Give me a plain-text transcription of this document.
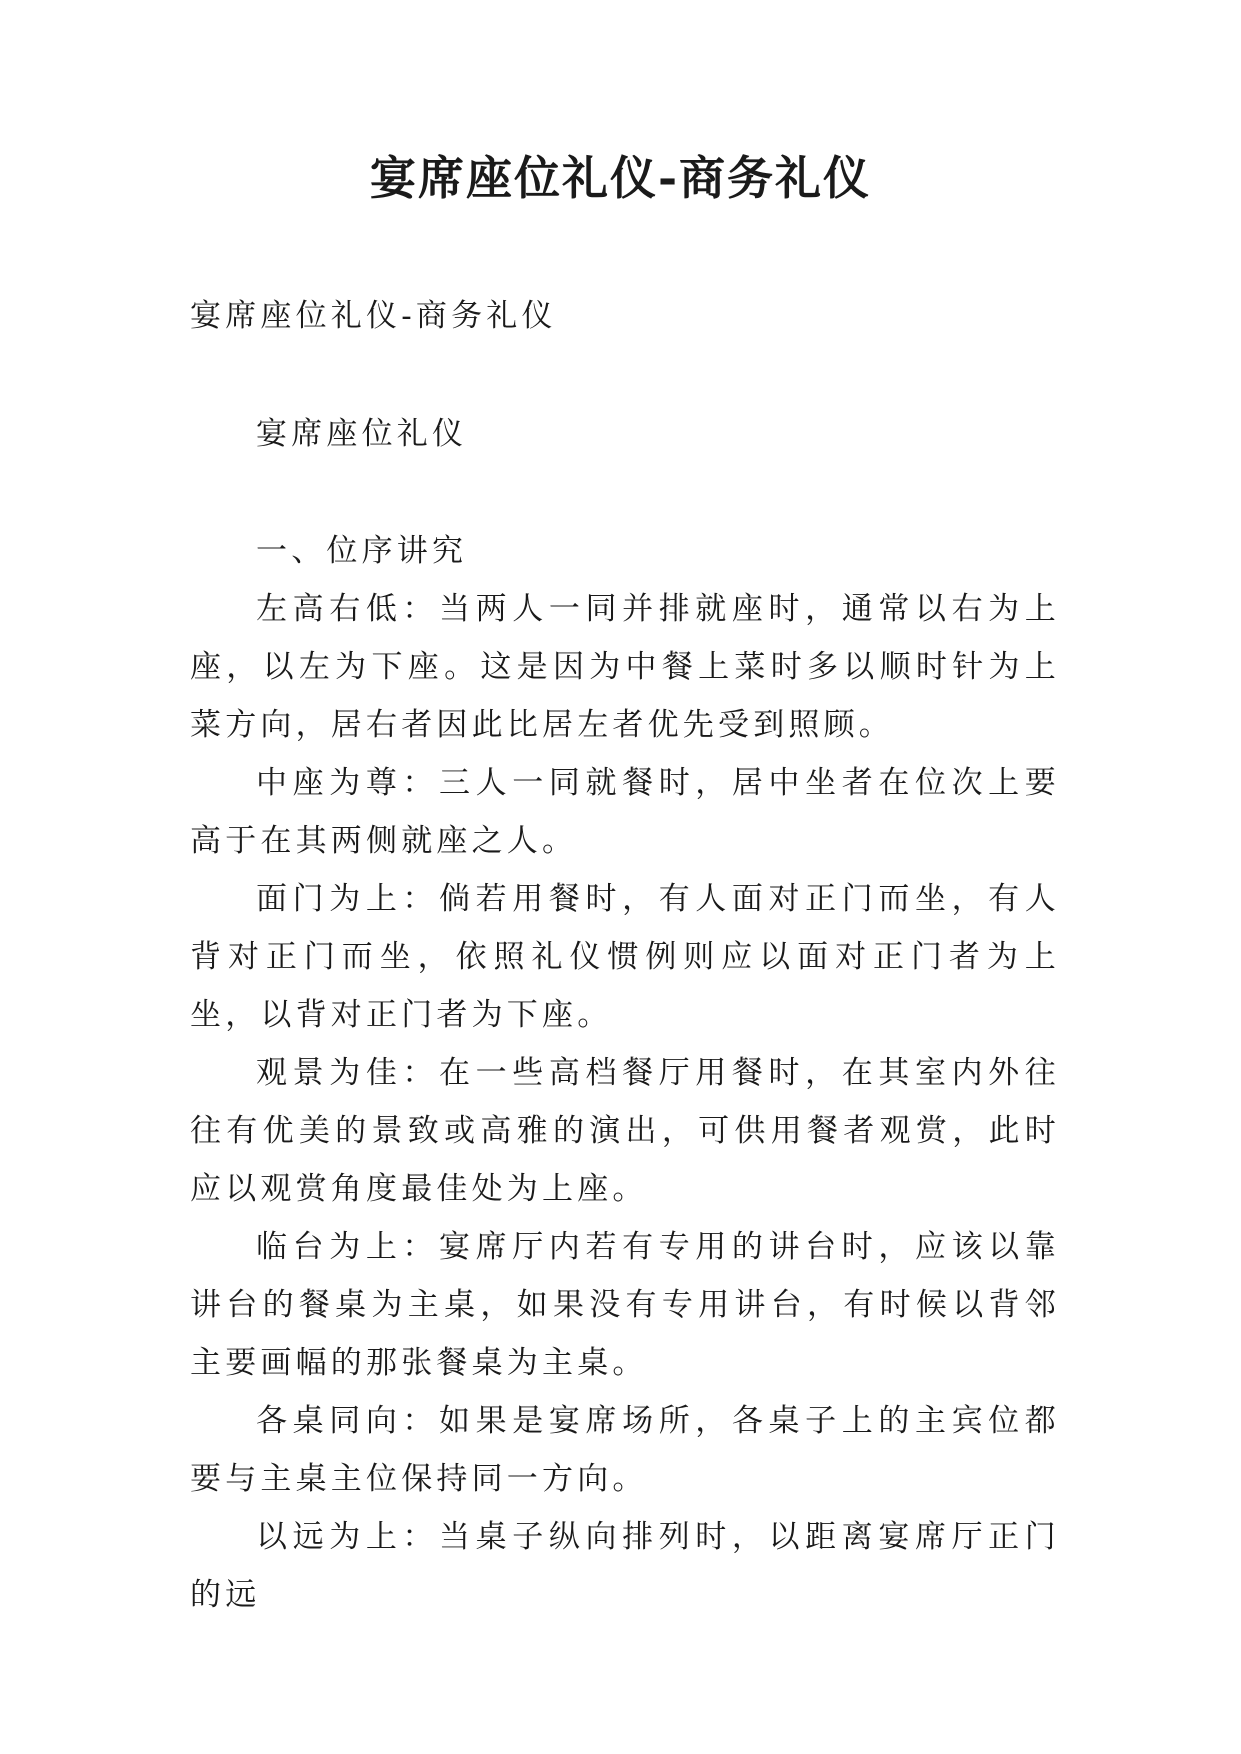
宴席座位礼仪-商务礼仪

宴席座位礼仪-商务礼仪

宴席座位礼仪

一、位序讲究

左高右低：当两人一同并排就座时，通常以右为上座，以左为下座。这是因为中餐上菜时多以顺时针为上菜方向，居右者因此比居左者优先受到照顾。

中座为尊：三人一同就餐时，居中坐者在位次上要高于在其两侧就座之人。

面门为上：倘若用餐时，有人面对正门而坐，有人背对正门而坐，依照礼仪惯例则应以面对正门者为上坐，以背对正门者为下座。

观景为佳：在一些高档餐厅用餐时，在其室内外往往有优美的景致或高雅的演出，可供用餐者观赏，此时应以观赏角度最佳处为上座。

临台为上：宴席厅内若有专用的讲台时，应该以靠讲台的餐桌为主桌，如果没有专用讲台，有时候以背邻主要画幅的那张餐桌为主桌。

各桌同向：如果是宴席场所，各桌子上的主宾位都要与主桌主位保持同一方向。

以远为上：当桌子纵向排列时，以距离宴席厅正门的远
